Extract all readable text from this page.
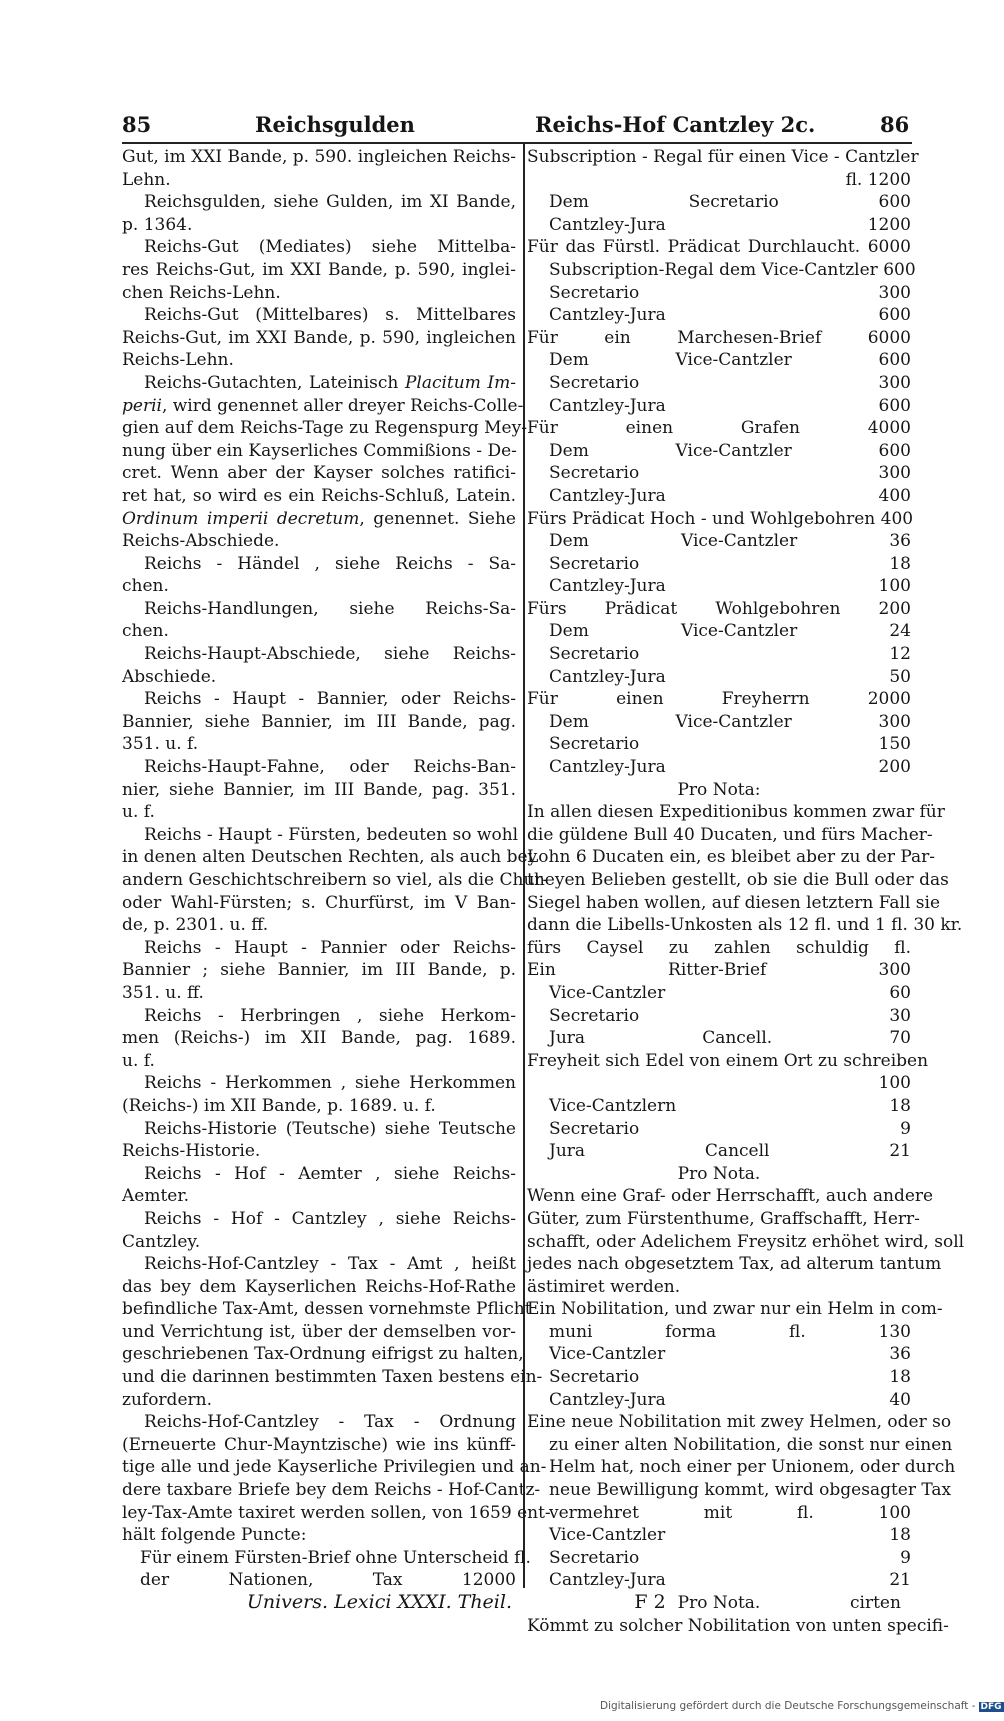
85	Reichsgulden	Reichs-Hof Cantzley 2c.	86

Gut, im XXI Bande, p. 590. ingleichen Reichs-

Lehn.

Reichsgulden, siehe Gulden, im XI Bande,

p. 1364.

Reichs-Gut (Mediates) siehe Mittelba-

res Reichs-Gut, im XXI Bande, p. 590, inglei-

chen Reichs-Lehn.

Reichs-Gut (Mittelbares) s. Mittelbares

Reichs-Gut, im XXI Bande, p. 590, ingleichen

Reichs-Lehn.

Reichs-Gutachten, Lateinisch Placitum Im-

perii, wird genennet aller dreyer Reichs-Colle-

gien auf dem Reichs-Tage zu Regenspurg Mey-

nung über ein Kayserliches Commißions - De-

cret. Wenn aber der Kayser solches ratifici-

ret hat, so wird es ein Reichs-Schluß, Latein.

Ordinum imperii decretum, genennet. Siehe

Reichs-Abschiede.

Reichs - Händel , siehe Reichs - Sa-

chen.

Reichs-Handlungen, siehe Reichs-Sa-

chen.

Reichs-Haupt-Abschiede, siehe Reichs-

Abschiede.

Reichs - Haupt - Bannier, oder Reichs-

Bannier, siehe Bannier, im III Bande, pag.

351. u. f.

Reichs-Haupt-Fahne, oder Reichs-Ban-

nier, siehe Bannier, im III Bande, pag. 351.

u. f.

Reichs - Haupt - Fürsten, bedeuten so wohl

in denen alten Deutschen Rechten, als auch bey

andern Geschichtschreibern so viel, als die Chur-

oder Wahl-Fürsten; s. Churfürst, im V Ban-

de, p. 2301. u. ff.

Reichs - Haupt - Pannier oder Reichs-

Bannier ; siehe Bannier, im III Bande, p.

351. u. ff.

Reichs - Herbringen , siehe Herkom-

men (Reichs-) im XII Bande, pag. 1689.

u. f.

Reichs - Herkommen , siehe Herkommen

(Reichs-) im XII Bande, p. 1689. u. f.

Reichs-Historie (Teutsche) siehe Teutsche

Reichs-Historie.

Reichs - Hof - Aemter , siehe Reichs-

Aemter.

Reichs - Hof - Cantzley , siehe Reichs-

Cantzley.

Reichs-Hof-Cantzley - Tax - Amt , heißt

das bey dem Kayserlichen Reichs-Hof-Rathe

befindliche Tax-Amt, dessen vornehmste Pflicht

und Verrichtung ist, über der demselben vor-

geschriebenen Tax-Ordnung eifrigst zu halten,

und die darinnen bestimmten Taxen bestens ein-

zufordern.

Reichs-Hof-Cantzley - Tax - Ordnung

(Erneuerte Chur-Mayntzische) wie ins künff-

tige alle und jede Kayserliche Privilegien und an-

dere taxbare Briefe bey dem Reichs - Hof-Cantz-

ley-Tax-Amte taxiret werden sollen, von 1659 ent-

hält folgende Puncte:

Für einem Fürsten-Brief ohne Unterscheid fl.

der Nationen, Tax 12000

Subscription - Regal für einen Vice - Cantzler

fl. 1200

Dem Secretario 600

Cantzley-Jura 1200

Für das Fürstl. Prädicat Durchlaucht. 6000

Subscription-Regal dem Vice-Cantzler 600

Secretario 300

Cantzley-Jura 600

Für ein Marchesen-Brief 6000

Dem Vice-Cantzler 600

Secretario 300

Cantzley-Jura 600

Für einen Grafen 4000

Dem Vice-Cantzler 600

Secretario 300

Cantzley-Jura 400

Fürs Prädicat Hoch - und Wohlgebohren 400

Dem Vice-Cantzler 36

Secretario 18

Cantzley-Jura 100

Fürs Prädicat Wohlgebohren 200

Dem Vice-Cantzler 24

Secretario 12

Cantzley-Jura 50

Für einen Freyherrn 2000

Dem Vice-Cantzler 300

Secretario 150

Cantzley-Jura 200

Pro Nota:

In allen diesen Expeditionibus kommen zwar für

die güldene Bull 40 Ducaten, und fürs Macher-

Lohn 6 Ducaten ein, es bleibet aber zu der Par-

theyen Belieben gestellt, ob sie die Bull oder das

Siegel haben wollen, auf diesen letztern Fall sie

dann die Libells-Unkosten als 12 fl. und 1 fl. 30 kr.

fürs Caysel zu zahlen schuldig fl.

Ein Ritter-Brief 300

Vice-Cantzler 60

Secretario 30

Jura Cancell. 70

Freyheit sich Edel von einem Ort zu schreiben

100

Vice-Cantzlern 18

Secretario 9

Jura Cancell 21

Pro Nota.

Wenn eine Graf- oder Herrschafft, auch andere

Güter, zum Fürstenthume, Graffschafft, Herr-

schafft, oder Adelichem Freysitz erhöhet wird, soll

jedes nach obgesetztem Tax, ad alterum tantum

ästimiret werden.

Ein Nobilitation, und zwar nur ein Helm in com-

muni forma fl. 130

Vice-Cantzler 36

Secretario 18

Cantzley-Jura 40

Eine neue Nobilitation mit zwey Helmen, oder so

zu einer alten Nobilitation, die sonst nur einen

Helm hat, noch einer per Unionem, oder durch

neue Bewilligung kommt, wird obgesagter Tax

vermehret mit fl. 100

Vice-Cantzler 18

Secretario 9

Cantzley-Jura 21

Pro Nota.

Kömmt zu solcher Nobilitation von unten specifi-

Univers. Lexici XXXI. Theil.	F 2	cirten
Digitalisierung gefördert durch die Deutsche Forschungsgemeinschaft - DFG
